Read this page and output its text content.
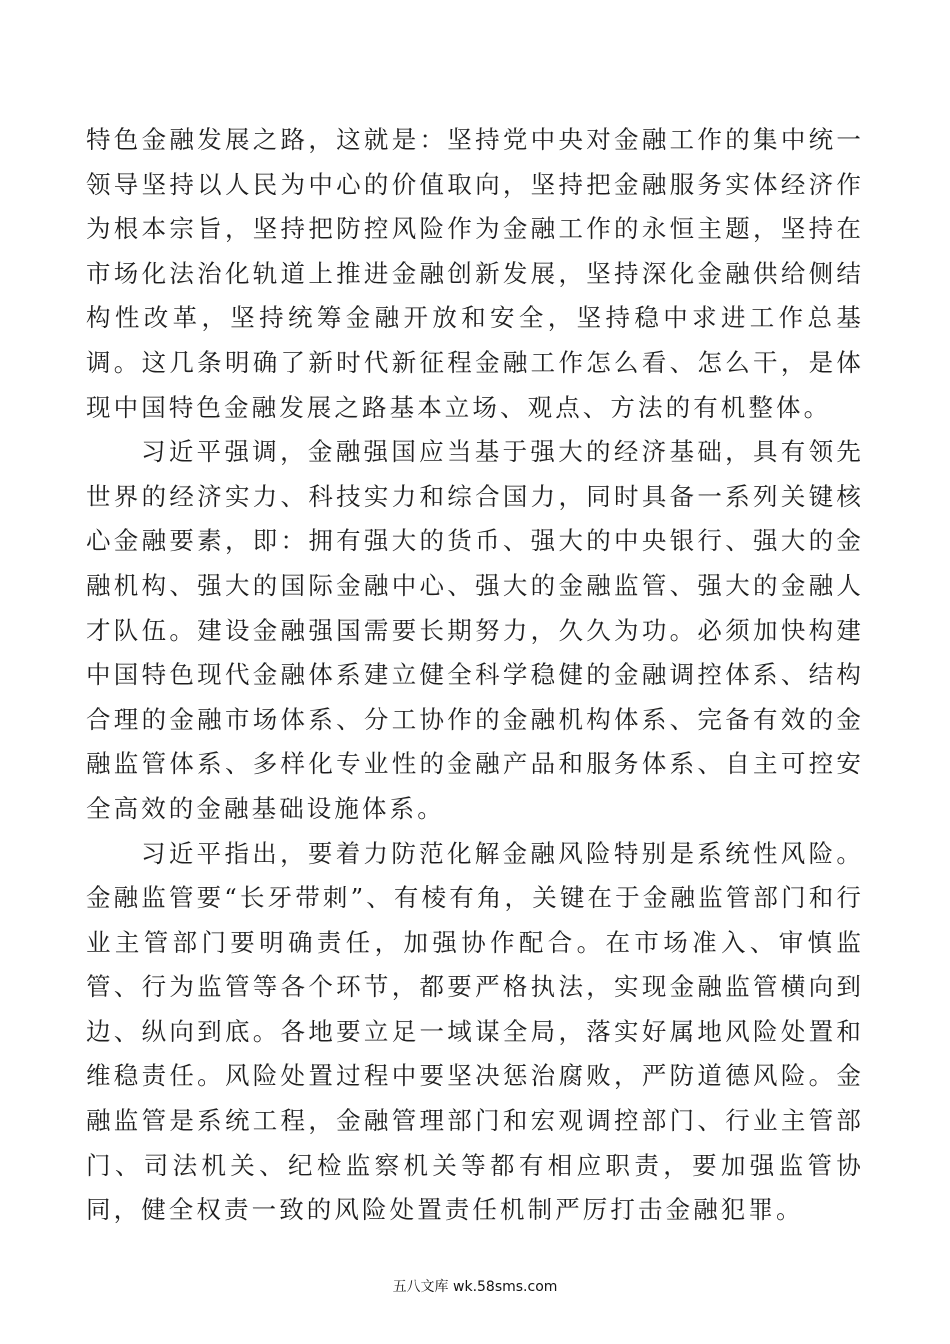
特色金融发展之路，这就是：坚持党中央对金融工作的集中统一领导坚持以人民为中心的价值取向，坚持把金融服务实体经济作为根本宗旨，坚持把防控风险作为金融工作的永恒主题，坚持在市场化法治化轨道上推进金融创新发展，坚持深化金融供给侧结构性改革，坚持统筹金融开放和安全，坚持稳中求进工作总基调。这几条明确了新时代新征程金融工作怎么看、怎么干，是体现中国特色金融发展之路基本立场、观点、方法的有机整体。

习近平强调，金融强国应当基于强大的经济基础，具有领先世界的经济实力、科技实力和综合国力，同时具备一系列关键核心金融要素，即：拥有强大的货币、强大的中央银行、强大的金融机构、强大的国际金融中心、强大的金融监管、强大的金融人才队伍。建设金融强国需要长期努力，久久为功。必须加快构建中国特色现代金融体系建立健全科学稳健的金融调控体系、结构合理的金融市场体系、分工协作的金融机构体系、完备有效的金融监管体系、多样化专业性的金融产品和服务体系、自主可控安全高效的金融基础设施体系。

习近平指出，要着力防范化解金融风险特别是系统性风险。金融监管要“长牙带刺”、有棱有角，关键在于金融监管部门和行业主管部门要明确责任，加强协作配合。在市场准入、审慎监管、行为监管等各个环节，都要严格执法，实现金融监管横向到边、纵向到底。各地要立足一域谋全局，落实好属地风险处置和维稳责任。风险处置过程中要坚决惩治腐败，严防道德风险。金融监管是系统工程，金融管理部门和宏观调控部门、行业主管部门、司法机关、纪检监察机关等都有相应职责，要加强监管协同，健全权责一致的风险处置责任机制严厉打击金融犯罪。

五八文库 wk.58sms.com
